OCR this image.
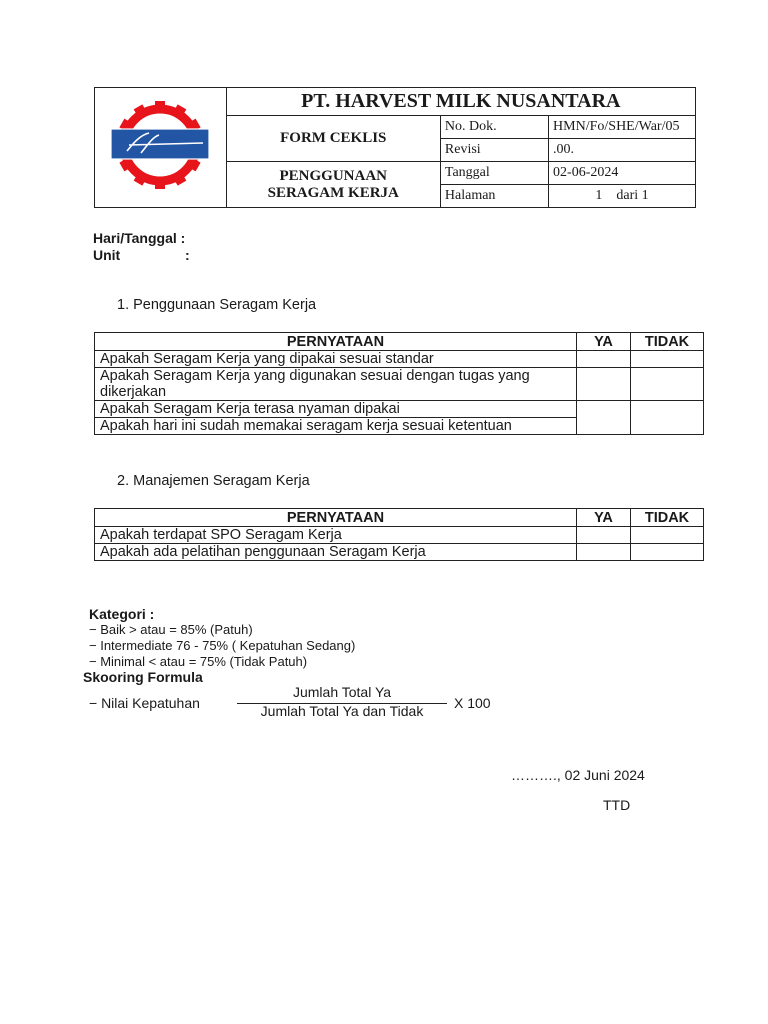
	PT. HARVEST MILK NUSANTARA		
	FORM CEKLIS	No. Dok.	HMN/Fo/SHE/War/05
		Revisi	.00.

	PENGGUNAAN
SERAGAM KERJA	Tanggal	02-06-2024
		Halaman	1    dari 1
Hari/Tanggal :
Unit	:
1. Penggunaan Seragam Kerja
PERNYATAAN	YA	TIDAK
Apakah Seragam Kerja yang dipakai sesuai standar		
Apakah Seragam Kerja yang digunakan sesuai dengan tugas yang dikerjakan		
Apakah Seragam Kerja terasa nyaman dipakai		
Apakah hari ini sudah memakai seragam kerja sesuai ketentuan		
2. Manajemen Seragam Kerja
PERNYATAAN	YA	TIDAK
Apakah terdapat SPO Seragam Kerja		
Apakah ada pelatihan penggunaan Seragam Kerja		
Kategori :
− Baik > atau = 85% (Patuh)
− Intermediate 76 - 75% ( Kepatuhan Sedang)
− Minimal < atau = 75% (Tidak Patuh)
Skooring Formula
− Nilai Kepatuhan
Jumlah Total Ya
Jumlah Total Ya dan Tidak	X 100
………., 02 Juni 2024
TTD
